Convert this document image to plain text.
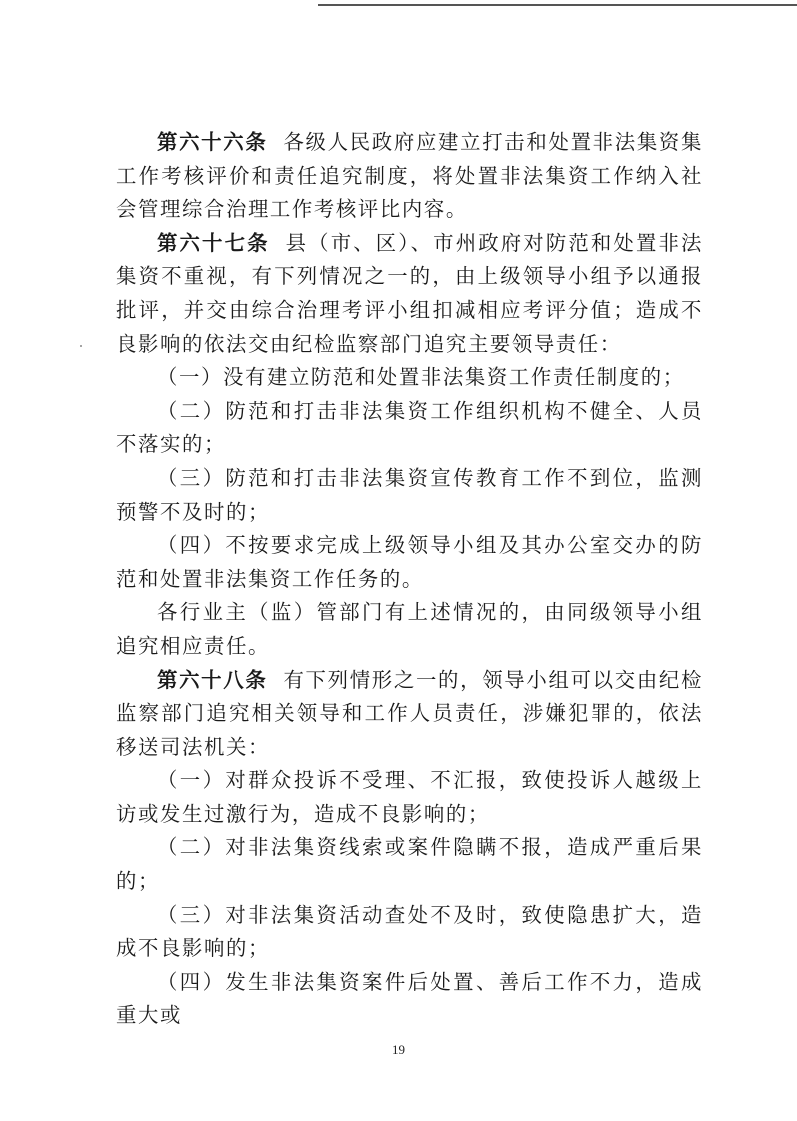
第六十六条 各级人民政府应建立打击和处置非法集资集工作考核评价和责任追究制度，将处置非法集资工作纳入社会管理综合治理工作考核评比内容。

第六十七条 县（市、区）、市州政府对防范和处置非法集资不重视，有下列情况之一的，由上级领导小组予以通报批评，并交由综合治理考评小组扣减相应考评分值；造成不良影响的依法交由纪检监察部门追究主要领导责任：

（一）没有建立防范和处置非法集资工作责任制度的；

（二）防范和打击非法集资工作组织机构不健全、人员不落实的；

（三）防范和打击非法集资宣传教育工作不到位，监测预警不及时的；

（四）不按要求完成上级领导小组及其办公室交办的防范和处置非法集资工作任务的。

各行业主（监）管部门有上述情况的，由同级领导小组追究相应责任。

第六十八条 有下列情形之一的，领导小组可以交由纪检监察部门追究相关领导和工作人员责任，涉嫌犯罪的，依法移送司法机关：

（一）对群众投诉不受理、不汇报，致使投诉人越级上访或发生过激行为，造成不良影响的；

（二）对非法集资线索或案件隐瞒不报，造成严重后果的；

（三）对非法集资活动查处不及时，致使隐患扩大，造成不良影响的；

（四）发生非法集资案件后处置、善后工作不力，造成重大或

19
